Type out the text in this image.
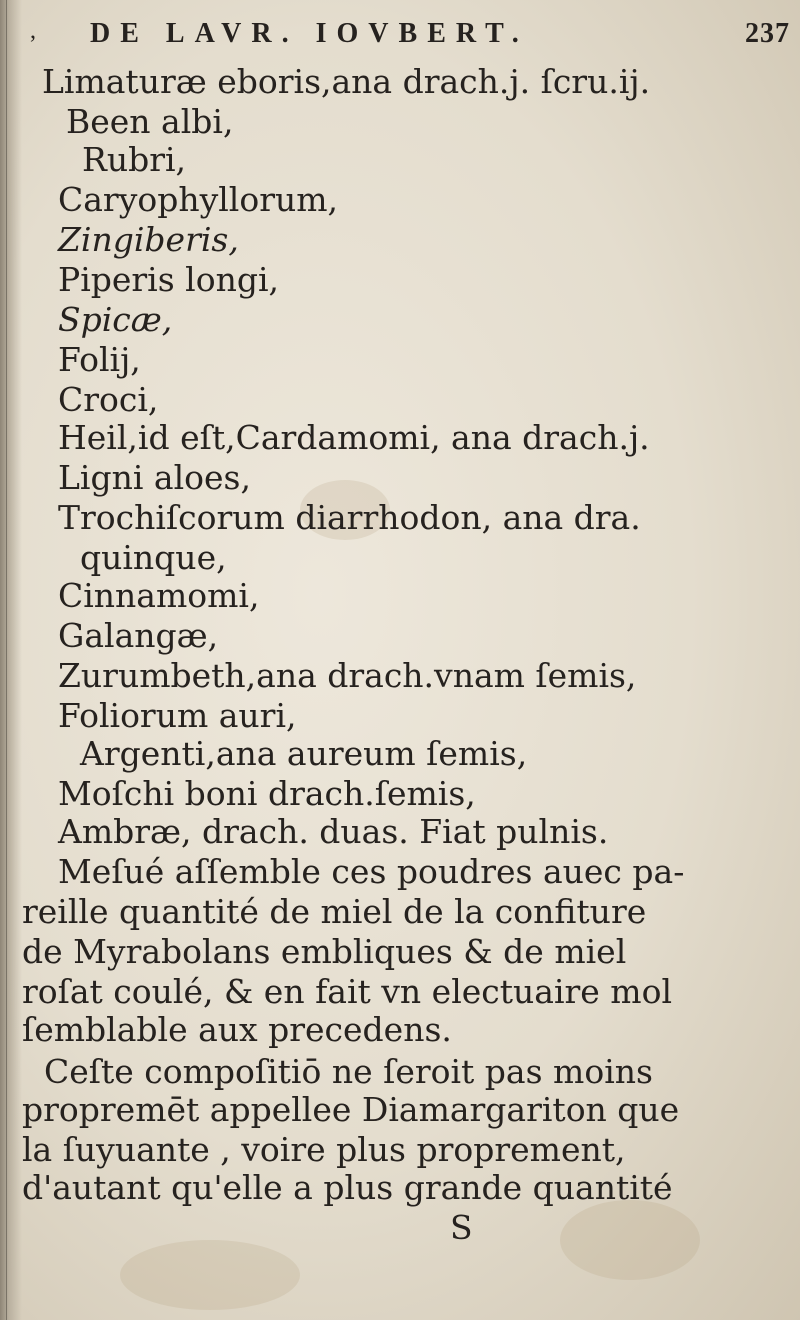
, DE LAVR. IOVBERT.	237
Limaturæ eboris,ana drach.j. ſcru.ij.
Been albi,
Rubri,
Caryophyllorum,
Zingiberis,
Piperis longi,
Spicæ,
Folij,
Croci,
Heil,id eſt,Cardamomi, ana drach.j.
Ligni aloes,
Trochiſcorum diarrhodon, ana dra.
quinque,
Cinnamomi,
Galangæ,
Zurumbeth,ana drach.vnam ſemis,
Foliorum auri,
Argenti,ana aureum ſemis,
Moſchi boni drach.ſemis,
Ambræ, drach. duas. Fiat pulnis.
Meſué aſſemble ces poudres auec pa-
reille quantité de miel de la confiture
de Myrabolans embliques & de miel
roſat coulé, & en fait vn electuaire mol
ſemblable aux precedens.
Ceſte compoſitiō ne ſeroit pas moins
propremēt appellee Diamargariton que
la ſuyuante , voire plus proprement,
d'autant qu'elle a plus grande quantité
S
